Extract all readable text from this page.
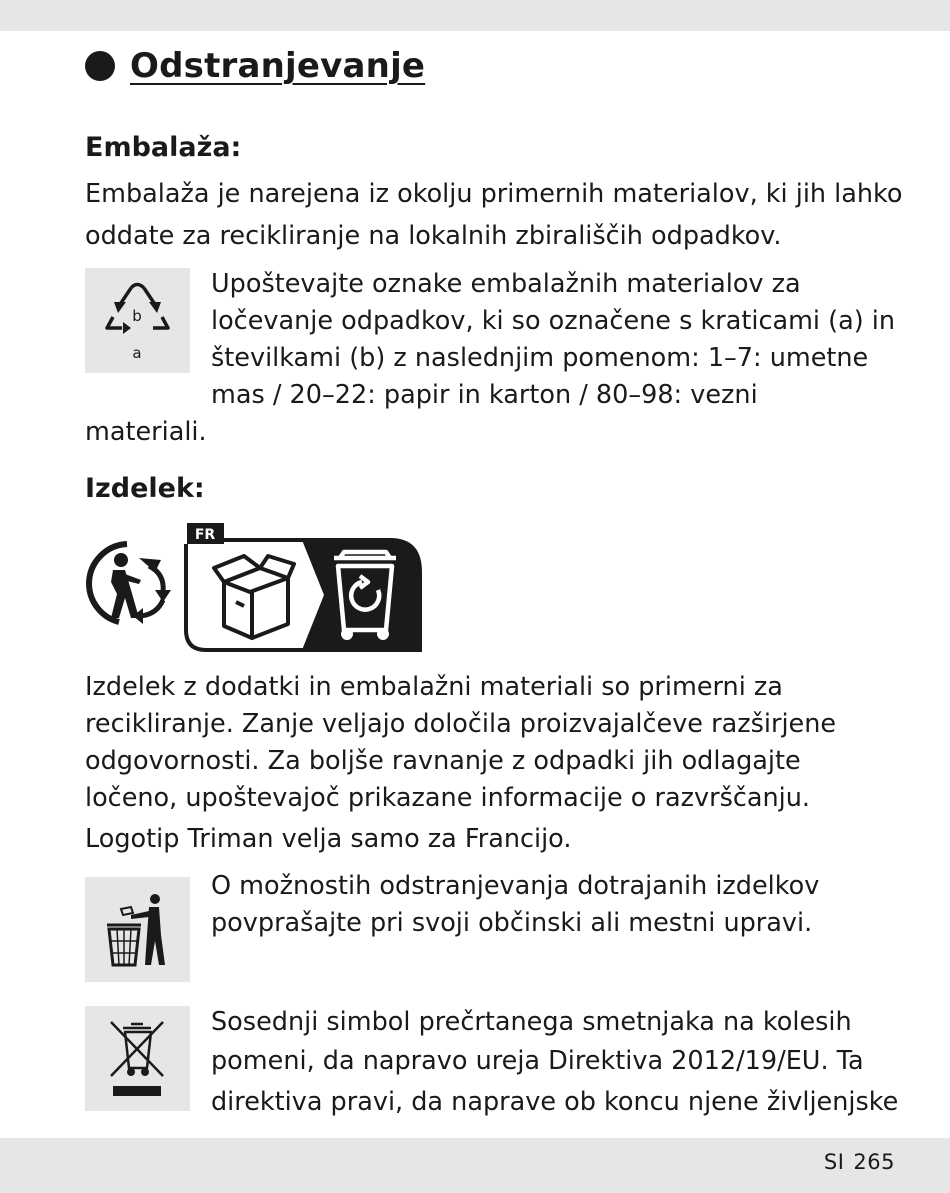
Odstranjevanje
Embalaža:
Embalaža je narejena iz okolju primernih materialov, ki jih lahko
oddate za recikliranje na lokalnih zbirališčih odpadkov.
b
a
Upoštevajte oznake embalažnih materialov za
ločevanje odpadkov, ki so označene s kraticami (a) in
številkami (b) z naslednjim pomenom: 1–7: umetne
mas / 20–22: papir in karton / 80–98: vezni
materiali.
Izdelek:
FR
Izdelek z dodatki in embalažni materiali so primerni za
recikliranje. Zanje veljajo določila proizvajalčeve razširjene
odgovornosti. Za boljše ravnanje z odpadki jih odlagajte
ločeno, upoštevajoč prikazane informacije o razvrščanju.
Logotip Triman velja samo za Francijo.
O možnostih odstranjevanja dotrajanih izdelkov
povprašajte pri svoji občinski ali mestni upravi.
Sosednji simbol prečrtanega smetnjaka na kolesih
pomeni, da napravo ureja Direktiva 2012/19/EU. Ta
direktiva pravi, da naprave ob koncu njene življenjske
SI 265
